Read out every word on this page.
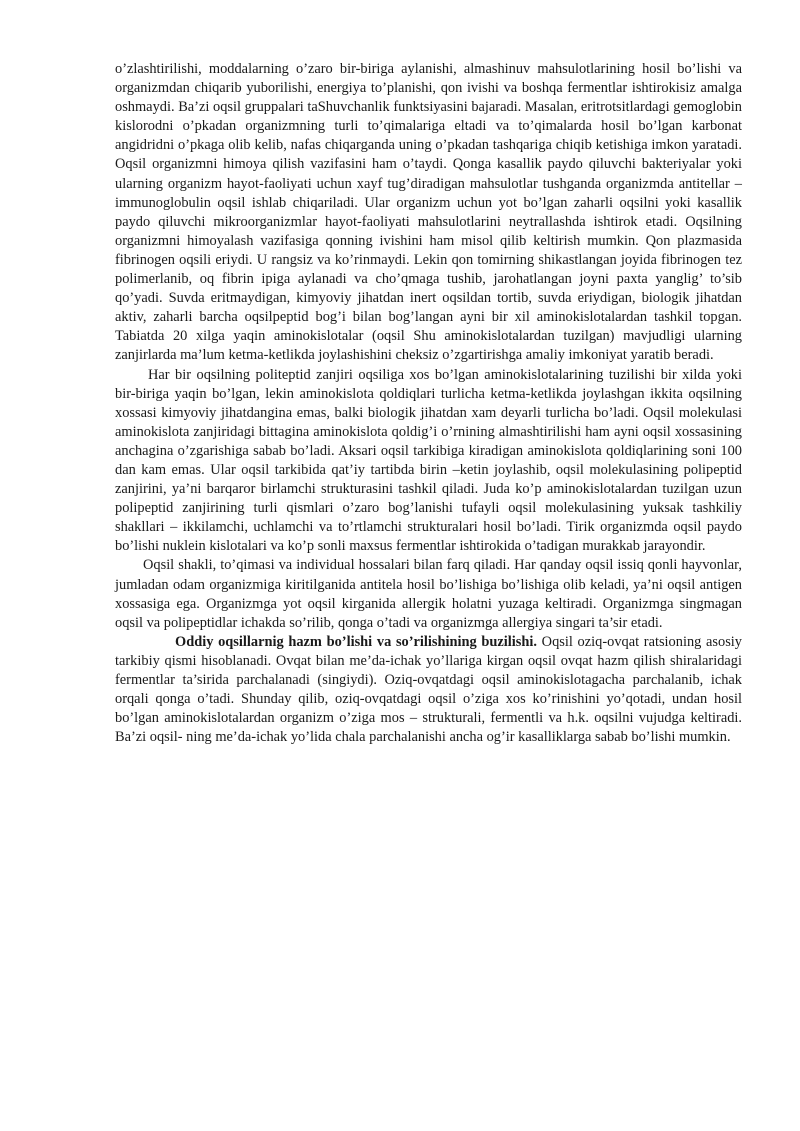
o’zlashtirilishi, moddalarning o’zaro bir-biriga aylanishi, almashinuv mahsulotlarining hosil bo’lishi va organizmdan chiqarib yuborilishi, energiya to’planishi, qon ivishi va boshqa fermentlar ishtirokisiz amalga oshmaydi. Ba’zi oqsil gruppalari taShuvchanlik funktsiyasini bajaradi. Masalan, eritrotsitlardagi gemoglobin kislorodni o’pkadan organizmning turli to’qimalariga eltadi va to’qimalarda hosil bo’lgan karbonat angidridni o’pkaga olib kelib, nafas chiqarganda uning o’pkadan tashqariga chiqib ketishiga imkon yaratadi. Oqsil organizmni himoya qilish vazifasini ham o’taydi. Qonga kasallik paydo qiluvchi bakteriyalar yoki ularning organizm hayot-faoliyati uchun xayf tug’diradigan mahsulotlar tushganda organizmda antitellar – immunoglobulin oqsil ishlab chiqariladi. Ular organizm uchun yot bo’lgan zaharli oqsilni yoki kasallik paydo qiluvchi mikroorganizmlar hayot-faoliyati mahsulotlarini neytrallashda ishtirok etadi. Oqsilning organizmni himoyalash vazifasiga qonning ivishini ham misol qilib keltirish mumkin. Qon plazmasida fibrinogen oqsili eriydi. U rangsiz va ko’rinmaydi. Lekin qon tomirning shikastlangan joyida fibrinogen tez polimerlanib, oq fibrin ipiga aylanadi va cho’qmaga tushib, jarohatlangan joyni paxta yanglig’ to’sib qo’yadi. Suvda eritmaydigan, kimyoviy jihatdan inert oqsildan tortib, suvda eriydigan, biologik jihatdan aktiv, zaharli barcha oqsilpeptid bog’i bilan bog’langan ayni bir xil aminokislotalardan tashkil topgan. Tabiatda 20 xilga yaqin aminokislotalar (oqsil Shu aminokislotalardan tuzilgan) mavjudligi ularning zanjirlarda ma’lum ketma-ketlikda joylashishini cheksiz o’zgartirishga amaliy imkoniyat yaratib beradi.

Har bir oqsilning politeptid zanjiri oqsiliga xos bo’lgan aminokislotalarining tuzilishi bir xilda yoki bir-biriga yaqin bo’lgan, lekin aminokislota qoldiqlari turlicha ketma-ketlikda joylashgan ikkita oqsilning xossasi kimyoviy jihatdangina emas, balki biologik jihatdan xam deyarli turlicha bo’ladi. Oqsil molekulasi aminokislota zanjiridagi bittagina aminokislota qoldig’i o’rnining almashtirilishi ham ayni oqsil xossasining anchagina o’zgarishiga sabab bo’ladi. Aksari oqsil tarkibiga kiradigan aminokislota qoldiqlarining soni 100 dan kam emas. Ular oqsil tarkibida qat’iy tartibda birin –ketin joylashib, oqsil molekulasining polipeptid zanjirini, ya’ni barqaror birlamchi strukturasini tashkil qiladi. Juda ko’p aminokislotalardan tuzilgan uzun polipeptid zanjirining turli qismlari o’zaro bog’lanishi tufayli oqsil molekulasining yuksak tashkiliy shakllari – ikkilamchi, uchlamchi va to’rtlamchi strukturalari hosil bo’ladi. Tirik organizmda oqsil paydo bo’lishi nuklein kislotalari va ko’p sonli maxsus fermentlar ishtirokida o’tadigan murakkab jarayondir.

Oqsil shakli, to’qimasi va individual hossalari bilan farq qiladi. Har qanday oqsil issiq qonli hayvonlar, jumladan odam organizmiga kiritilganida antitela hosil bo’lishiga bo’lishiga olib keladi, ya’ni oqsil antigen xossasiga ega. Organizmga yot oqsil kirganida allergik holatni yuzaga keltiradi. Organizmga singmagan oqsil va polipeptidlar ichakda so’rilib, qonga o’tadi va organizmga allergiya singari ta’sir etadi.

Oddiy oqsillarnig hazm bo’lishi va so’rilishining buzilishi. Oqsil oziq-ovqat ratsioning asosiy tarkibiy qismi hisoblanadi. Ovqat bilan me’da-ichak yo’llariga kirgan oqsil ovqat hazm qilish shiralaridagi fermentlar ta’sirida parchalanadi (singiydi). Oziq-ovqatdagi oqsil aminokislotagacha parchalanib, ichak orqali qonga o’tadi. Shunday qilib, oziq-ovqatdagi oqsil o’ziga xos ko’rinishini yo’qotadi, undan hosil bo’lgan aminokislotalardan organizm o’ziga mos – strukturali, fermentli va h.k. oqsilni vujudga keltiradi. Ba’zi oqsil- ning me’da-ichak yo’lida chala parchalanishi ancha og’ir kasalliklarga sabab bo’lishi mumkin.
